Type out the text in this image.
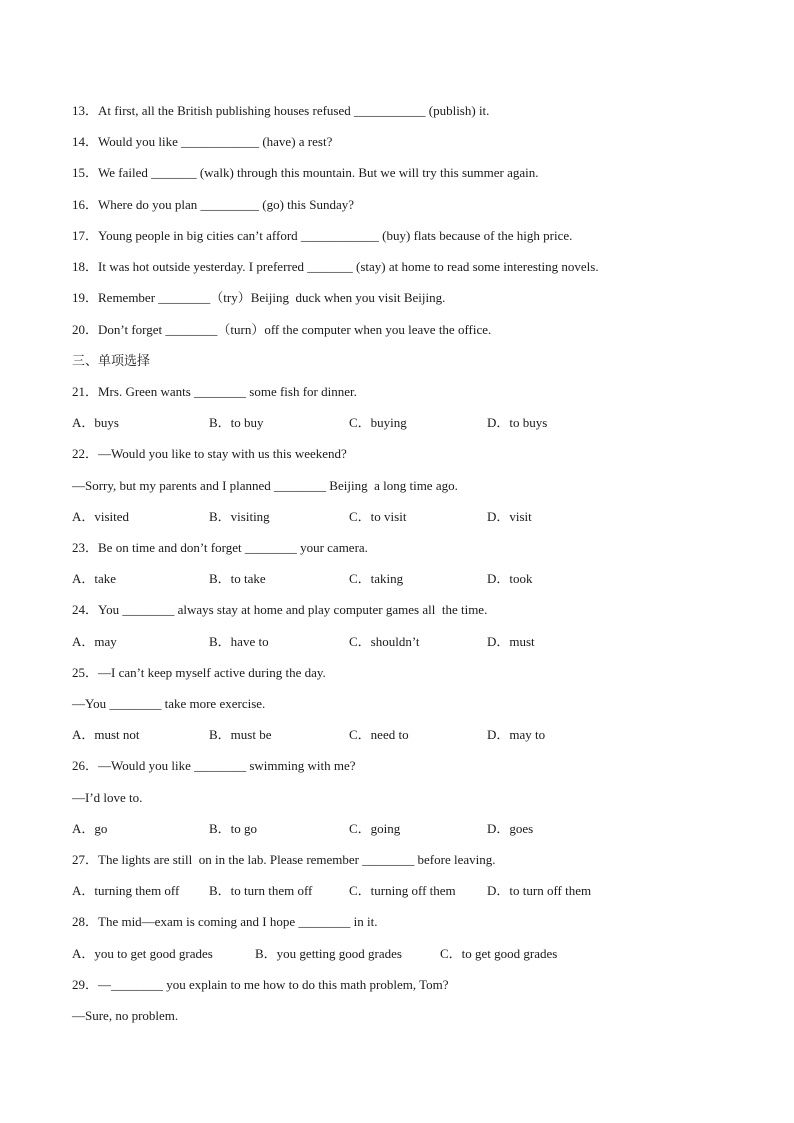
13．At first, all the British publishing houses refused ___________ (publish) it.
14．Would you like ____________ (have) a rest?
15．We failed _______ (walk) through this mountain. But we will try this summer again.
16．Where do you plan _________ (go) this Sunday?
17．Young people in big cities can’t afford ____________ (buy) flats because of the high price.
18．It was hot outside yesterday. I preferred _______ (stay) at home to read some interesting novels.
19．Remember ________（try）Beijing  duck when you visit Beijing.
20．Don’t forget ________（turn）off the computer when you leave the office.
三、单项选择
21．Mrs. Green wants ________ some fish for dinner.
A．buys	B．to buy	C．buying	D．to buys
22．—Would you like to stay with us this weekend?
—Sorry, but my parents and I planned ________ Beijing  a long time ago.
A．visited	B．visiting	C．to visit	D．visit
23．Be on time and don’t forget ________ your camera.
A．take	B．to take	C．taking	D．took
24．You ________ always stay at home and play computer games all  the time.
A．may	B．have to	C．shouldn’t	D．must
25．—I can’t keep myself active during the day.
—You ________ take more exercise.
A．must not	B．must be	C．need to	D．may to
26．—Would you like ________ swimming with me?
—I’d love to.
A．go	B．to go	C．going	D．goes
27．The lights are still  on in the lab. Please remember ________ before leaving.
A．turning them off B．to turn them off	C．turning off them D．to turn off them
28．The mid—exam is coming and I hope ________ in it.
A．you to get good grades	B．you getting good grades	C．to get good grades
29．—________ you explain to me how to do this math problem, Tom?
—Sure, no problem.
